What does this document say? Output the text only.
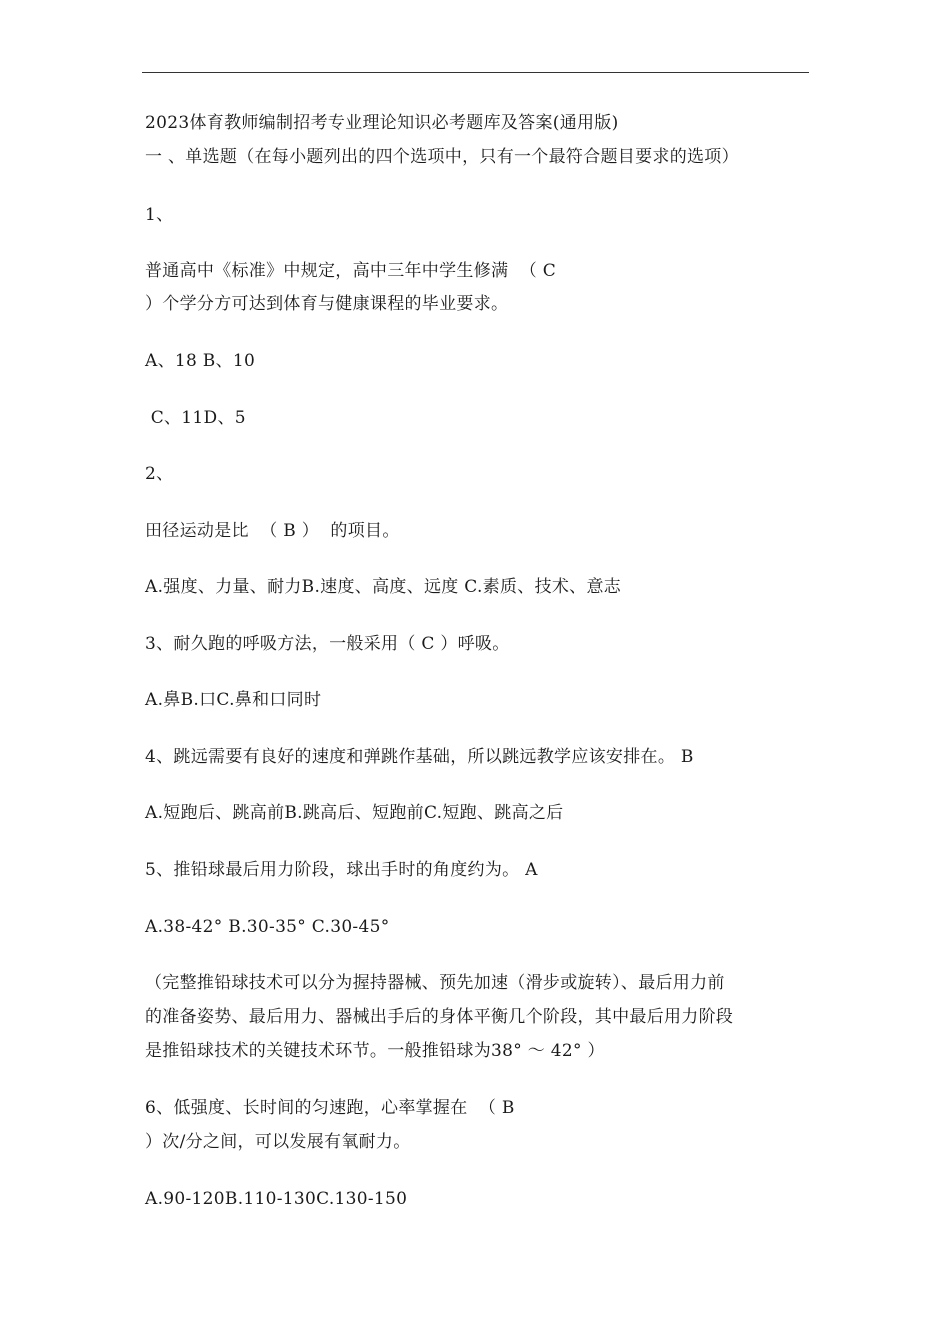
2023体育教师编制招考专业理论知识必考题库及答案(通用版)
一 、单选题（在每小题列出的四个选项中，只有一个最符合题目要求的选项）
1、
普通高中《标准》中规定，高中三年中学生修满  （ C
）个学分方可达到体育与健康课程的毕业要求。
A、18 B、10
C、11D、5
2、
田径运动是比  （ B ）  的项目。
A.强度、力量、耐力B.速度、高度、远度 C.素质、技术、意志
3、耐久跑的呼吸方法，一般采用（ C ）呼吸。
A.鼻B.口C.鼻和口同时
4、跳远需要有良好的速度和弹跳作基础，所以跳远教学应该安排在。 B
A.短跑后、跳高前B.跳高后、短跑前C.短跑、跳高之后
5、推铅球最后用力阶段，球出手时的角度约为。 A
A.38-42° B.30-35° C.30-45°
（完整推铅球技术可以分为握持器械、预先加速（滑步或旋转）、最后用力前
的准备姿势、最后用力、器械出手后的身体平衡几个阶段，其中最后用力阶段
是推铅球技术的关键技术环节。一般推铅球为38° ～ 42° ）
6、低强度、长时间的匀速跑，心率掌握在  （ B
）次/分之间，可以发展有氧耐力。
A.90-120B.110-130C.130-150
